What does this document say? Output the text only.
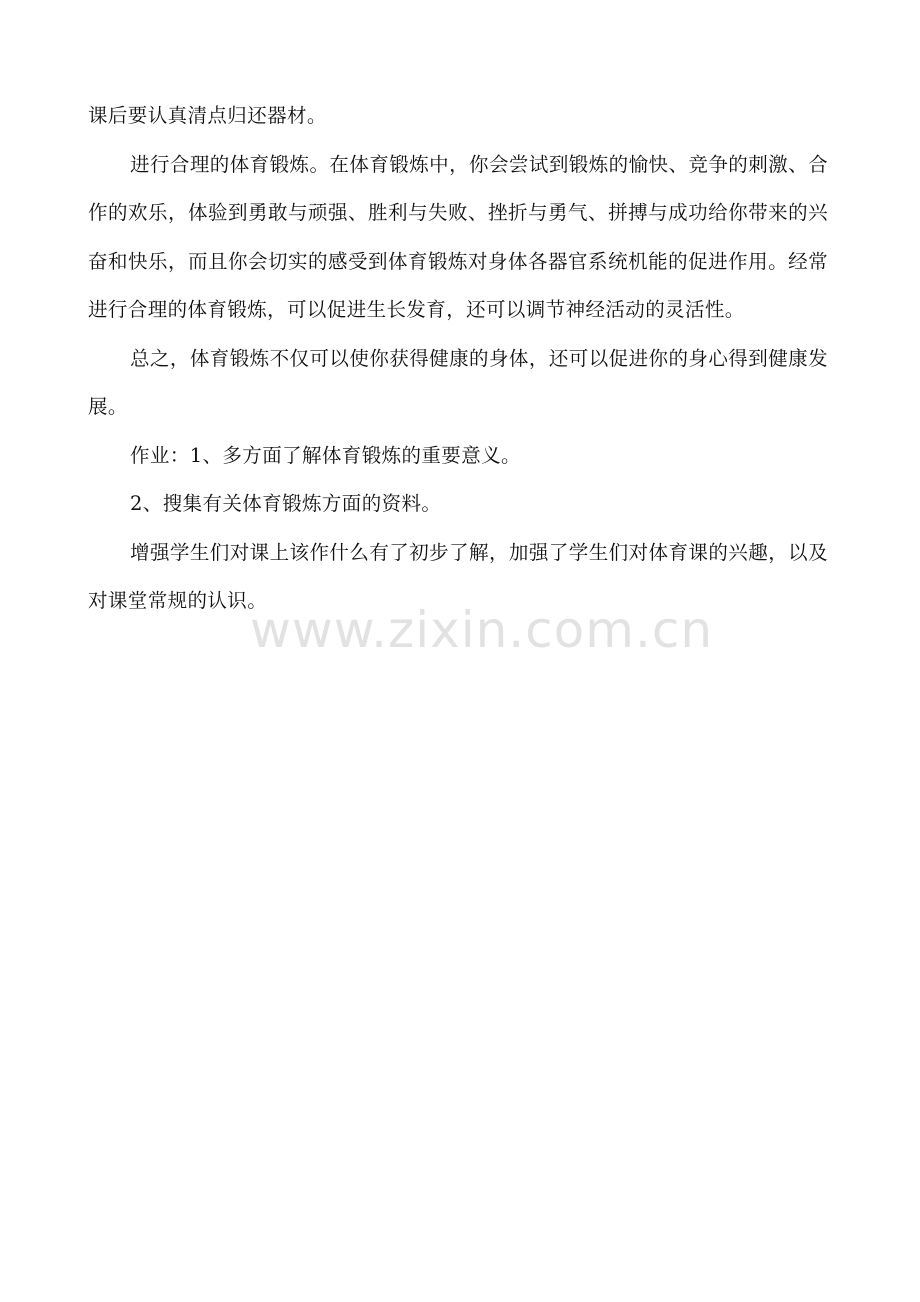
课后要认真清点归还器材。

进行合理的体育锻炼。在体育锻炼中，你会尝试到锻炼的愉快、竞争的刺激、合作的欢乐，体验到勇敢与顽强、胜利与失败、挫折与勇气、拼搏与成功给你带来的兴奋和快乐，而且你会切实的感受到体育锻炼对身体各器官系统机能的促进作用。经常进行合理的体育锻炼，可以促进生长发育，还可以调节神经活动的灵活性。

总之，体育锻炼不仅可以使你获得健康的身体，还可以促进你的身心得到健康发展。

作业：1、多方面了解体育锻炼的重要意义。

2、搜集有关体育锻炼方面的资料。

增强学生们对课上该作什么有了初步了解，加强了学生们对体育课的兴趣，以及对课堂常规的认识。

www.zixin.com.cn
